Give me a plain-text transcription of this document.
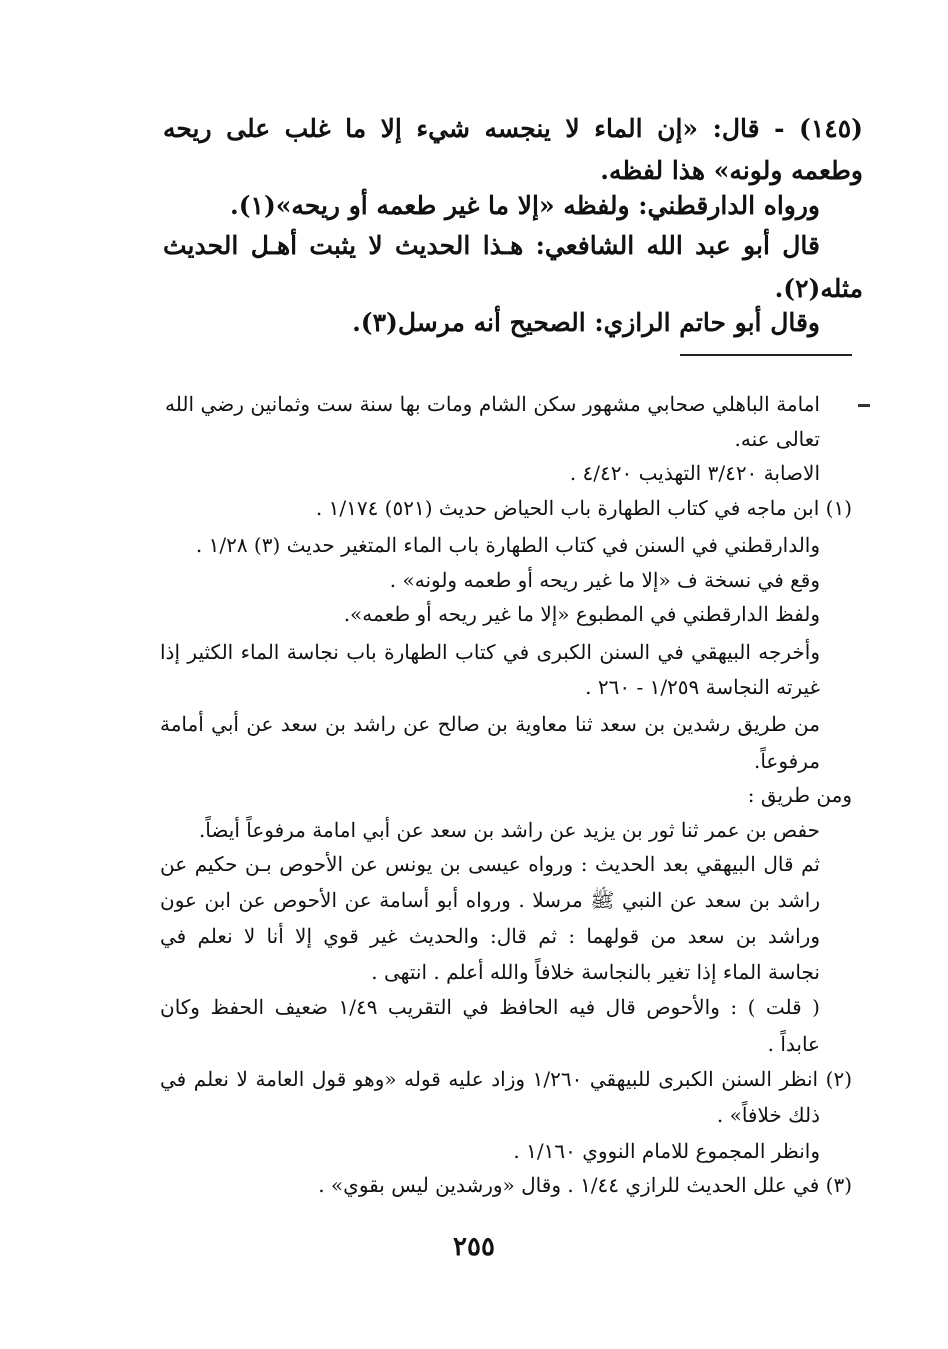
(١٤٥) - قال: «إن الماء لا ينجسه شيء إلا ما غلب على ريحه

وطعمه ولونه» هذا لفظه.

ورواه الدارقطني: ولفظه «إلا ما غير طعمه أو ريحه»(١).

قال أبو عبد الله الشافعي: هـذا الحديث لا يثبت أهـل الحديث

مثله(٢).

وقال أبو حاتم الرازي: الصحيح أنه مرسل(٣).

امامة الباهلي صحابي مشهور سكن الشام ومات بها سنة ست وثمانين رضي الله

تعالى عنه.

الاصابة ٣/٤٢٠ التهذيب ٤/٤٢٠ .

(١) ابن ماجه في كتاب الطهارة باب الحياض حديث (٥٢١) ١/١٧٤ .

والدارقطني في السنن في كتاب الطهارة باب الماء المتغير حديث (٣) ١/٢٨ .

وقع في نسخة ف «إلا ما غير ريحه أو طعمه ولونه» .

ولفظ الدارقطني في المطبوع «إلا ما غير ريحه أو طعمه».

وأخرجه البيهقي في السنن الكبرى في كتاب الطهارة باب نجاسة الماء الكثير إذا

غيرته النجاسة ١/٢٥٩ - ٢٦٠ .

من طريق رشدين بن سعد ثنا معاوية بن صالح عن راشد بن سعد عن أبي أمامة

مرفوعاً.

ومن طريق :

حفص بن عمر ثنا ثور بن يزيد عن راشد بن سعد عن أبي امامة مرفوعاً أيضاً.

ثم قال البيهقي بعد الحديث : ورواه عيسى بن يونس عن الأحوص بـن حكيم عن

راشد بن سعد عن النبي ﷺ مرسلا . ورواه أبو أسامة عن الأحوص عن ابن عون

وراشد بن سعد من قولهما : ثم قال: والحديث غير قوي إلا أنا لا نعلم في

نجاسة الماء إذا تغير بالنجاسة خلافاً والله أعلم . انتهى .

( قلت ) : والأحوص قال فيه الحافظ في التقريب ١/٤٩ ضعيف الحفظ وكان

عابداً .

(٢) انظر السنن الكبرى للبيهقي ١/٢٦٠ وزاد عليه قوله «وهو قول العامة لا نعلم في

ذلك خلافاً» .

وانظر المجموع للامام النووي ١/١٦٠ .

(٣) في علل الحديث للرازي ١/٤٤ . وقال «ورشدين ليس بقوي» .

٢٥٥
